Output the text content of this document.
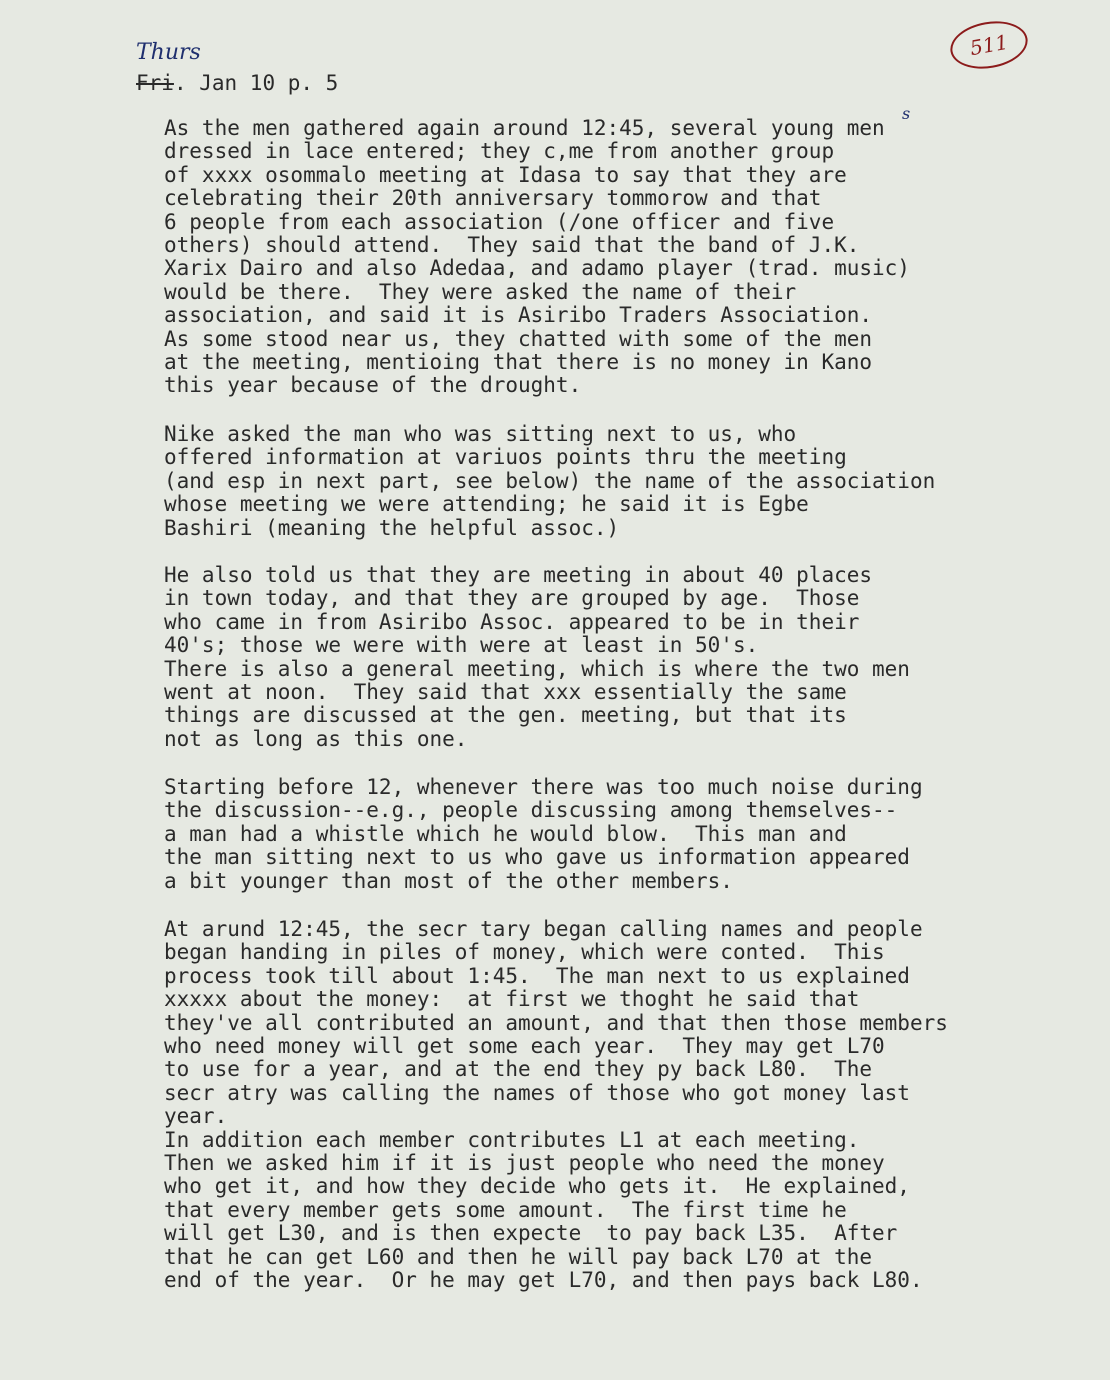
511
Thurs
Fri. Jan 10 p. 5
s
As the men gathered again around 12:45, several young men
dressed in lace entered; they c,me from another group
of xxxx osommalo meeting at Idasa to say that they are
celebrating their 20th anniversary tommorow and that
6 people from each association (/one officer and five
others) should attend.  They said that the band of J.K.
Xarix Dairo and also Adedaa, and adamo player (trad. music)
would be there.  They were asked the name of their
association, and said it is Asiribo Traders Association.
As some stood near us, they chatted with some of the men
at the meeting, mentioing that there is no money in Kano
this year because of the drought.
Nike asked the man who was sitting next to us, who
offered information at variuos points thru the meeting
(and esp in next part, see below) the name of the association
whose meeting we were attending; he said it is Egbe
Bashiri (meaning the helpful assoc.)
He also told us that they are meeting in about 40 places
in town today, and that they are grouped by age.  Those
who came in from Asiribo Assoc. appeared to be in their
40's; those we were with were at least in 50's.
There is also a general meeting, which is where the two men
went at noon.  They said that xxx essentially the same
things are discussed at the gen. meeting, but that its
not as long as this one.
Starting before 12, whenever there was too much noise during
the discussion--e.g., people discussing among themselves--
a man had a whistle which he would blow.  This man and
the man sitting next to us who gave us information appeared
a bit younger than most of the other members.
At arund 12:45, the secr tary began calling names and people
began handing in piles of money, which were conted.  This
process took till about 1:45.  The man next to us explained
xxxxx about the money:  at first we thoght he said that
they've all contributed an amount, and that then those members
who need money will get some each year.  They may get L70
to use for a year, and at the end they py back L80.  The
secr atry was calling the names of those who got money last
year.
In addition each member contributes L1 at each meeting.
Then we asked him if it is just people who need the money
who get it, and how they decide who gets it.  He explained,
that every member gets some amount.  The first time he
will get L30, and is then expecte  to pay back L35.  After
that he can get L60 and then he will pay back L70 at the
end of the year.  Or he may get L70, and then pays back L80.
